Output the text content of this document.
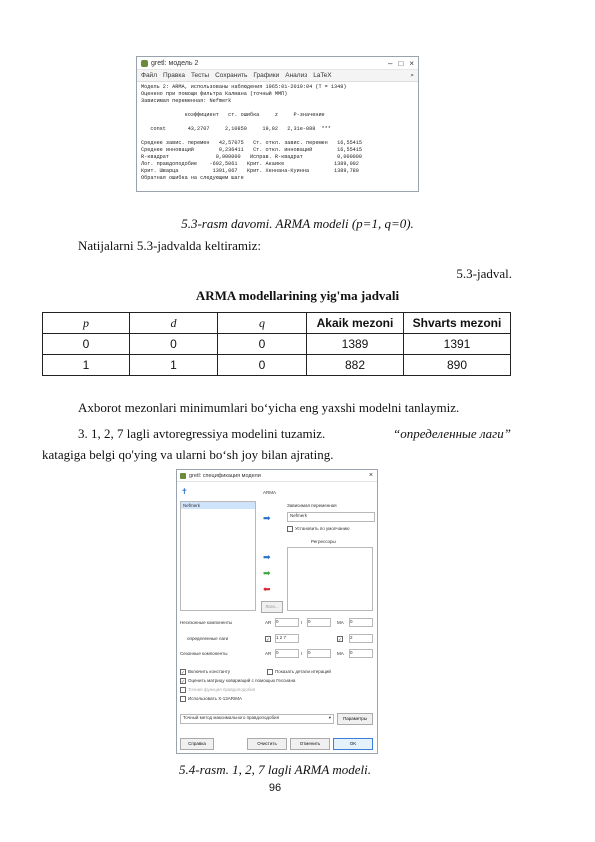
gretl: модель 2	– □ ×
Файл Правка Тесты Сохранить Графики Анализ LaTeX	⌕
Модель 2: ARMA, использованы наблюдения 1965:01-2019:04 (T = 1348)
Оценено при помощи фильтра Калмана (точный ММП)
Зависимая переменная: Nefmerk

коэффициент   ст. ошибка     z     P-значение

const       43,2707     2,10850     19,92   2,31e-088  ***

Среднее завис. перемен   42,57075   Ст. откл. завис. перемен   16,55415
Среднее инноваций        0,236411   Ст. откл. инноваций        16,55415
R-квадрат               0,000000   Исправ. R-квадрат           0,000000
Лог. правдоподобие    -692,5061   Крит. Акаике                1389,002
Крит. Шварца           1391,067   Крит. Хеннана-Куинна        1389,780
Обратная ошибка на следующем шаге
5.3-rasm davomi. ARMA modeli (p=1, q=0).
Natijalarni 5.3-jadvalda keltiramiz:
5.3-jadval.
ARMA modellarining yig'ma jadvali
p	d	q	Akaik mezoni	Shvarts mezoni
0	0	0	1389	1391
1	1	0	882	890
Axborot mezonlari minimumlari bo‘yicha eng yaxshi modelni tanlaymiz.
3. 1, 2, 7 lagli avtoregressiya modelini tuzamiz.	“определенные лаги”
katagiga belgi qo'ying va ularni bo‘sh joy bilan ajrating.
gretl: спецификация модели	×
ARMA
✝
Nefmerk	Зависимая переменная
➡	Nefmerk
Установить по умолчанию
Регрессоры
➡
➡
⬅
Лаги...
Несезонные компоненты	AR 0	I 0	MA 0
определенные лаги	✓	1 2 7	✓	2
Сезонные компоненты	AR 0	I 0	MA 0
✓ Включить константу	Показать детали итераций
✓ Оценить матрицу ковариаций с помощью Гессиана
Точная функция правдоподобия
Использовать X-13ARIMA
Точный метод максимального правдоподобия	▾	Параметры
Справка	Очистить	Отменить	OK
5.4-rasm. 1, 2, 7 lagli ARMA modeli.
96
